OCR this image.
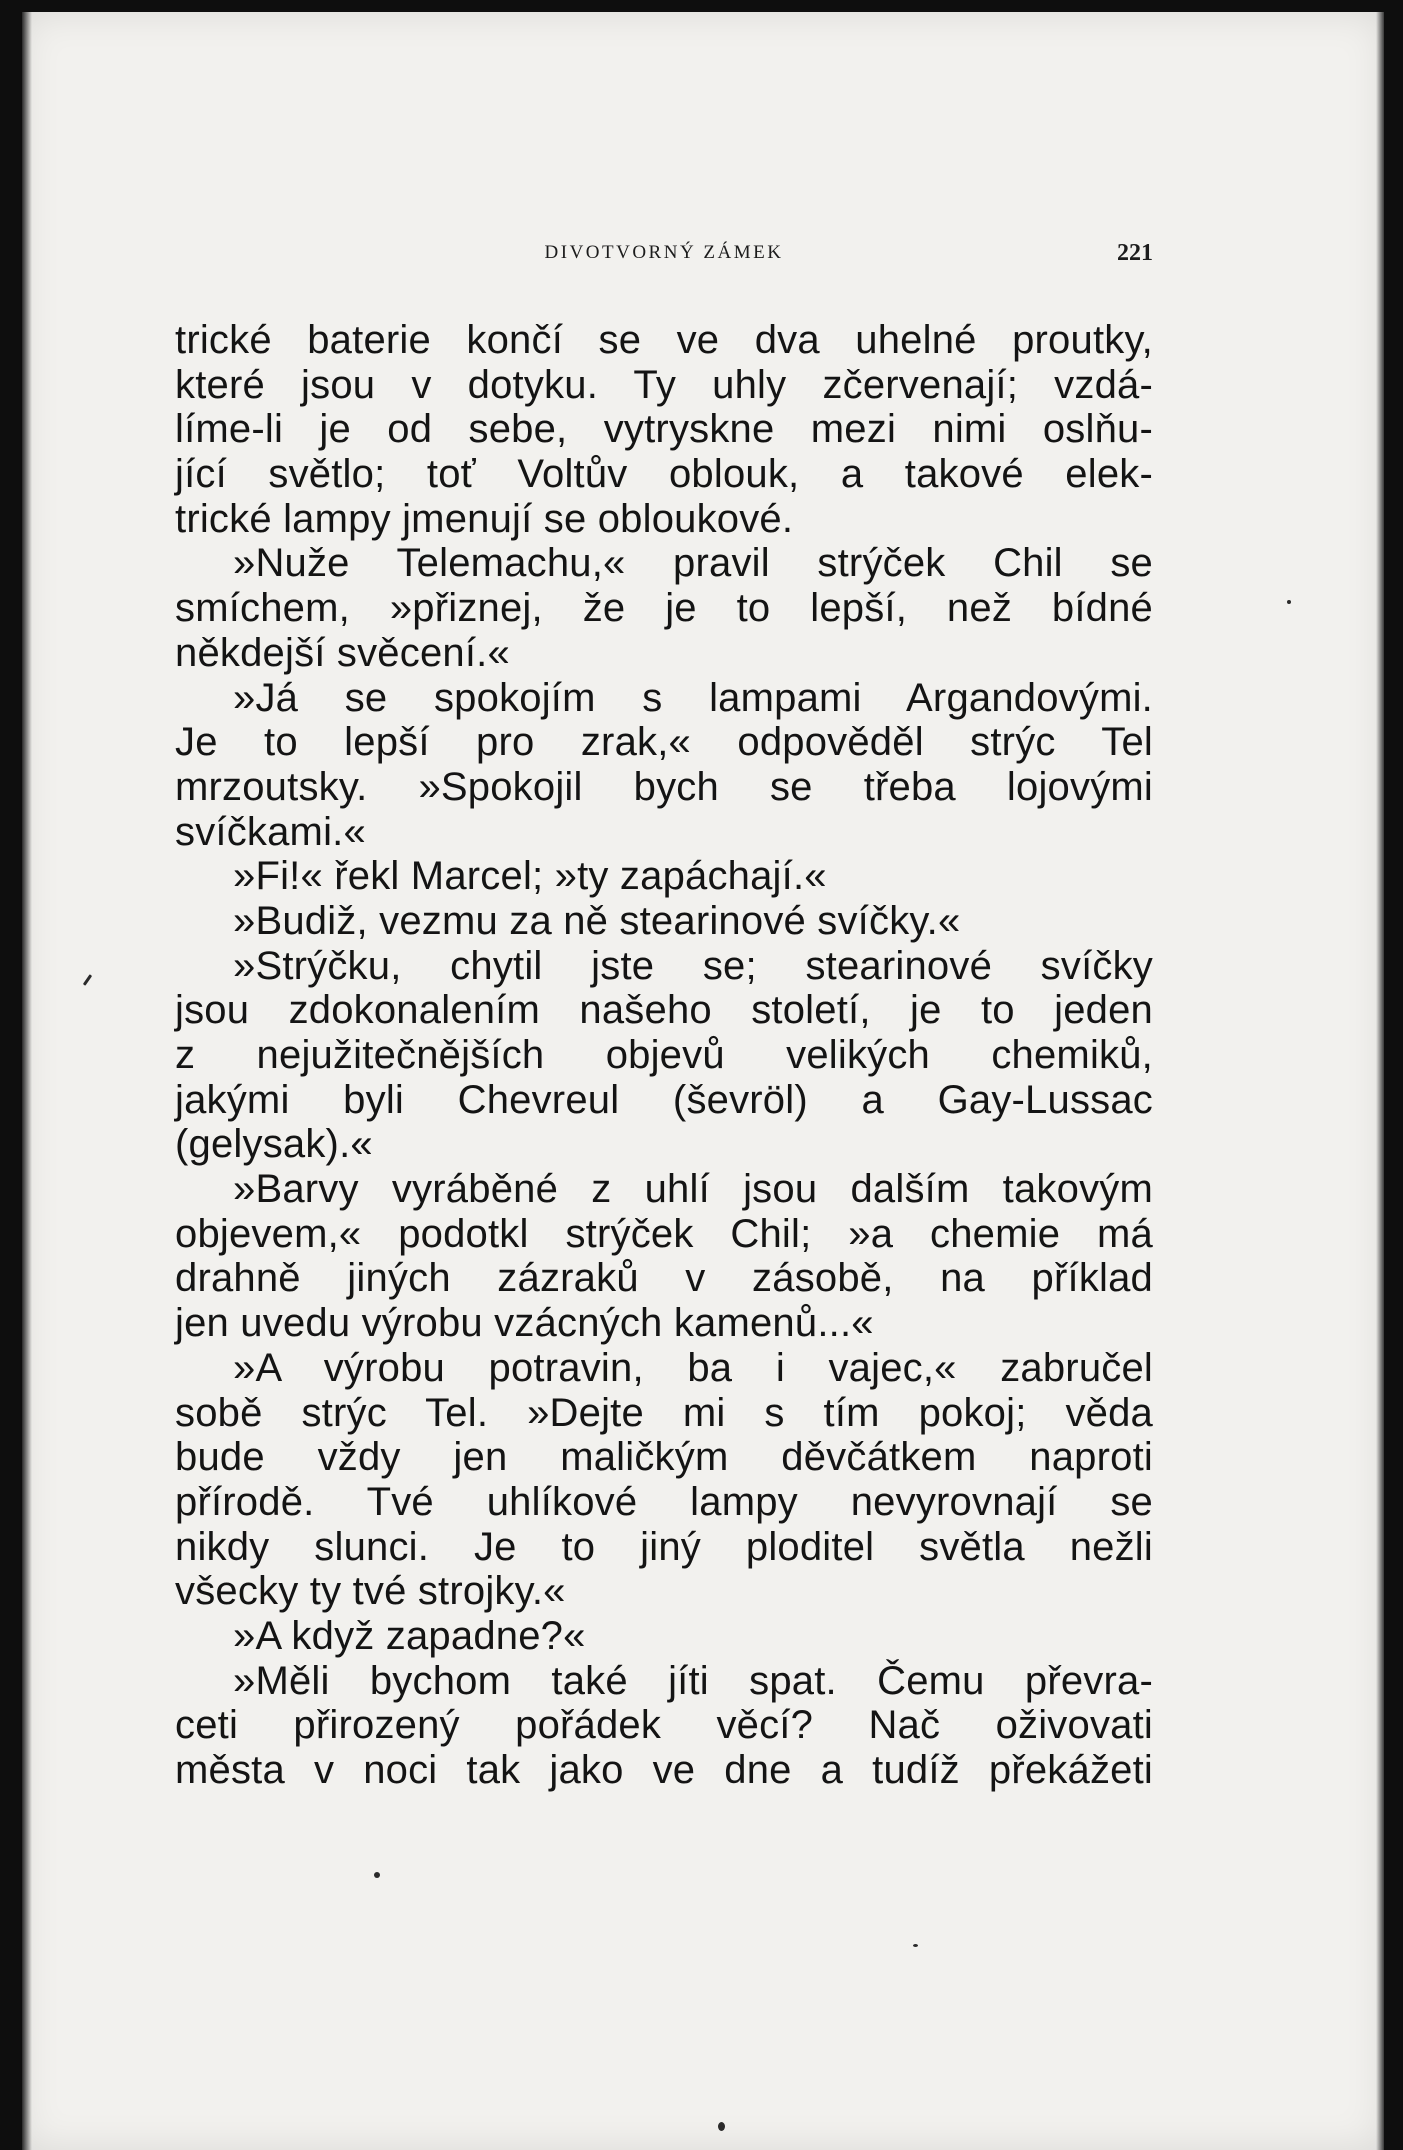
DIVOTVORNÝ ZÁMEK	221
trické baterie končí se ve dva uhelné proutky,
které jsou v dotyku. Ty uhly zčervenají; vzdá-
líme-li je od sebe, vytryskne mezi nimi oslňu-
jící světlo; toť Voltův oblouk, a takové elek-
trické lampy jmenují se obloukové.
»Nuže Telemachu,« pravil strýček Chil se
smíchem, »přiznej, že je to lepší, než bídné
někdejší svěcení.«
»Já se spokojím s lampami Argandovými.
Je to lepší pro zrak,« odpověděl strýc Tel
mrzoutsky. »Spokojil bych se třeba lojovými
svíčkami.«
»Fi!« řekl Marcel; »ty zapáchají.«
»Budiž, vezmu za ně stearinové svíčky.«
»Strýčku, chytil jste se; stearinové svíčky
jsou zdokonalením našeho století, je to jeden
z nejužitečnějších objevů velikých chemiků,
jakými byli Chevreul (ševröl) a Gay-Lussac
(gelysak).«
»Barvy vyráběné z uhlí jsou dalším takovým
objevem,« podotkl strýček Chil; »a chemie má
drahně jiných zázraků v zásobě, na příklad
jen uvedu výrobu vzácných kamenů...«
»A výrobu potravin, ba i vajec,« zabručel
sobě strýc Tel. »Dejte mi s tím pokoj; věda
bude vždy jen maličkým děvčátkem naproti
přírodě. Tvé uhlíkové lampy nevyrovnají se
nikdy slunci. Je to jiný ploditel světla nežli
všecky ty tvé strojky.«
»A když zapadne?«
»Měli bychom také jíti spat. Čemu převra-
ceti přirozený pořádek věcí? Nač oživovati
města v noci tak jako ve dne a tudíž překážeti
